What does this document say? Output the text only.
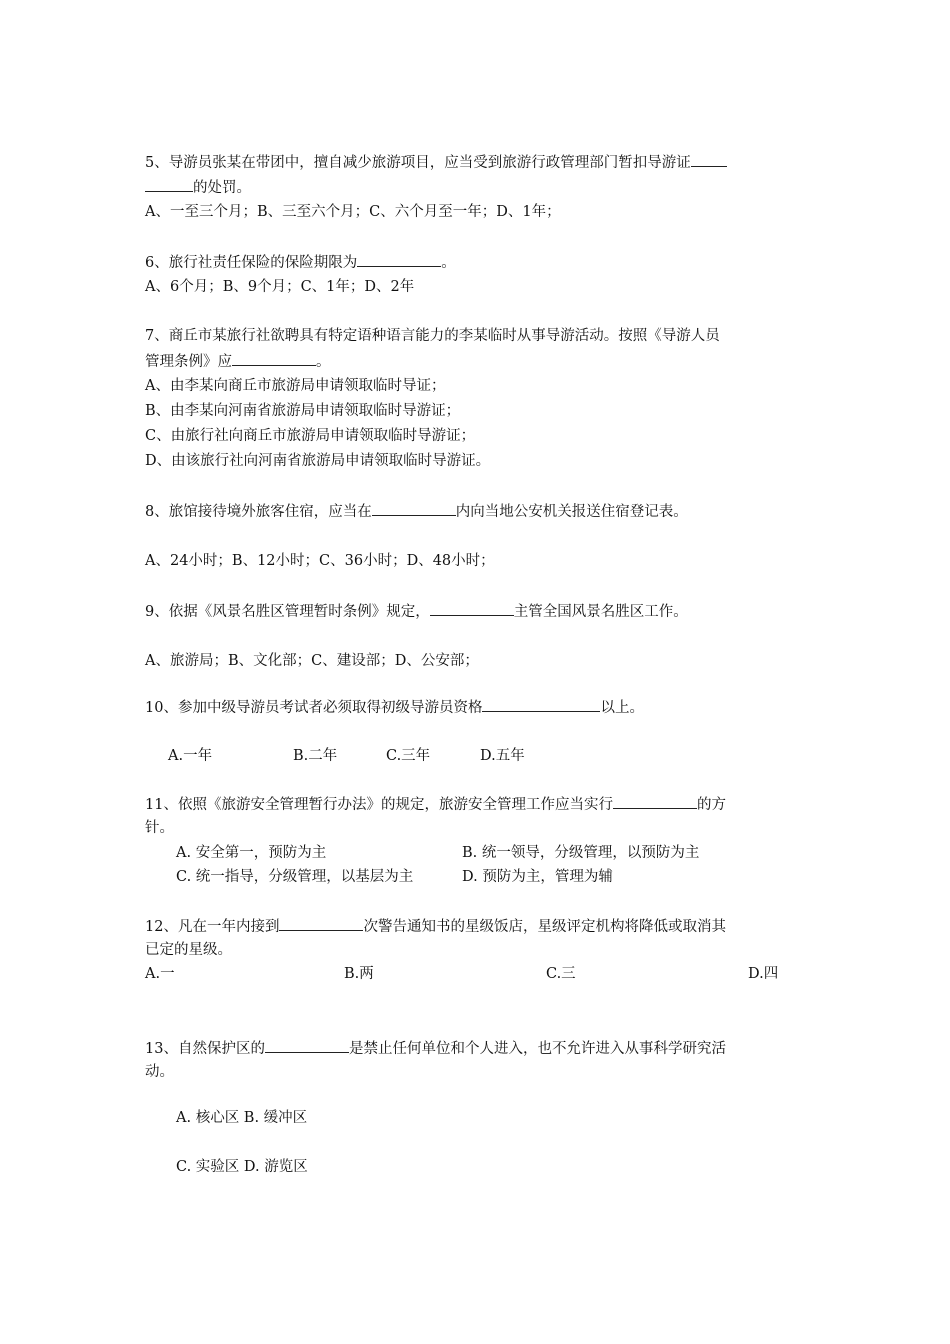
5、导游员张某在带团中，擅自减少旅游项目，应当受到旅游行政管理部门暂扣导游证
的处罚。
A、一至三个月；B、三至六个月；C、六个月至一年；D、1年；
6、旅行社责任保险的保险期限为	。
A、6个月；B、9个月；C、1年；D、2年
7、商丘市某旅行社欲聘具有特定语种语言能力的李某临时从事导游活动。按照《导游人员
管理条例》应	。
A、由李某向商丘市旅游局申请领取临时导证；
B、由李某向河南省旅游局申请领取临时导游证；
C、由旅行社向商丘市旅游局申请领取临时导游证；
D、由该旅行社向河南省旅游局申请领取临时导游证。
8、旅馆接待境外旅客住宿，应当在	内向当地公安机关报送住宿登记表。
A、24小时；B、12小时；C、36小时；D、48小时；
9、依据《风景名胜区管理暂时条例》规定，	主管全国风景名胜区工作。
A、旅游局；B、文化部；C、建设部；D、公安部；
10、参加中级导游员考试者必须取得初级导游员资格	以上。
A.一年	B.二年	C.三年	D.五年
11、依照《旅游安全管理暂行办法》的规定，旅游安全管理工作应当实行	的方
针。
A. 安全第一，预防为主	B. 统一领导，分级管理，以预防为主
C. 统一指导，分级管理，以基层为主	D. 预防为主，管理为辅
12、凡在一年内接到	次警告通知书的星级饭店，星级评定机构将降低或取消其
已定的星级。
A.一	B.两	C.三	D.四
13、自然保护区的	是禁止任何单位和个人进入，也不允许进入从事科学研究活
动。
A. 核心区 B. 缓冲区
C. 实验区 D. 游览区
